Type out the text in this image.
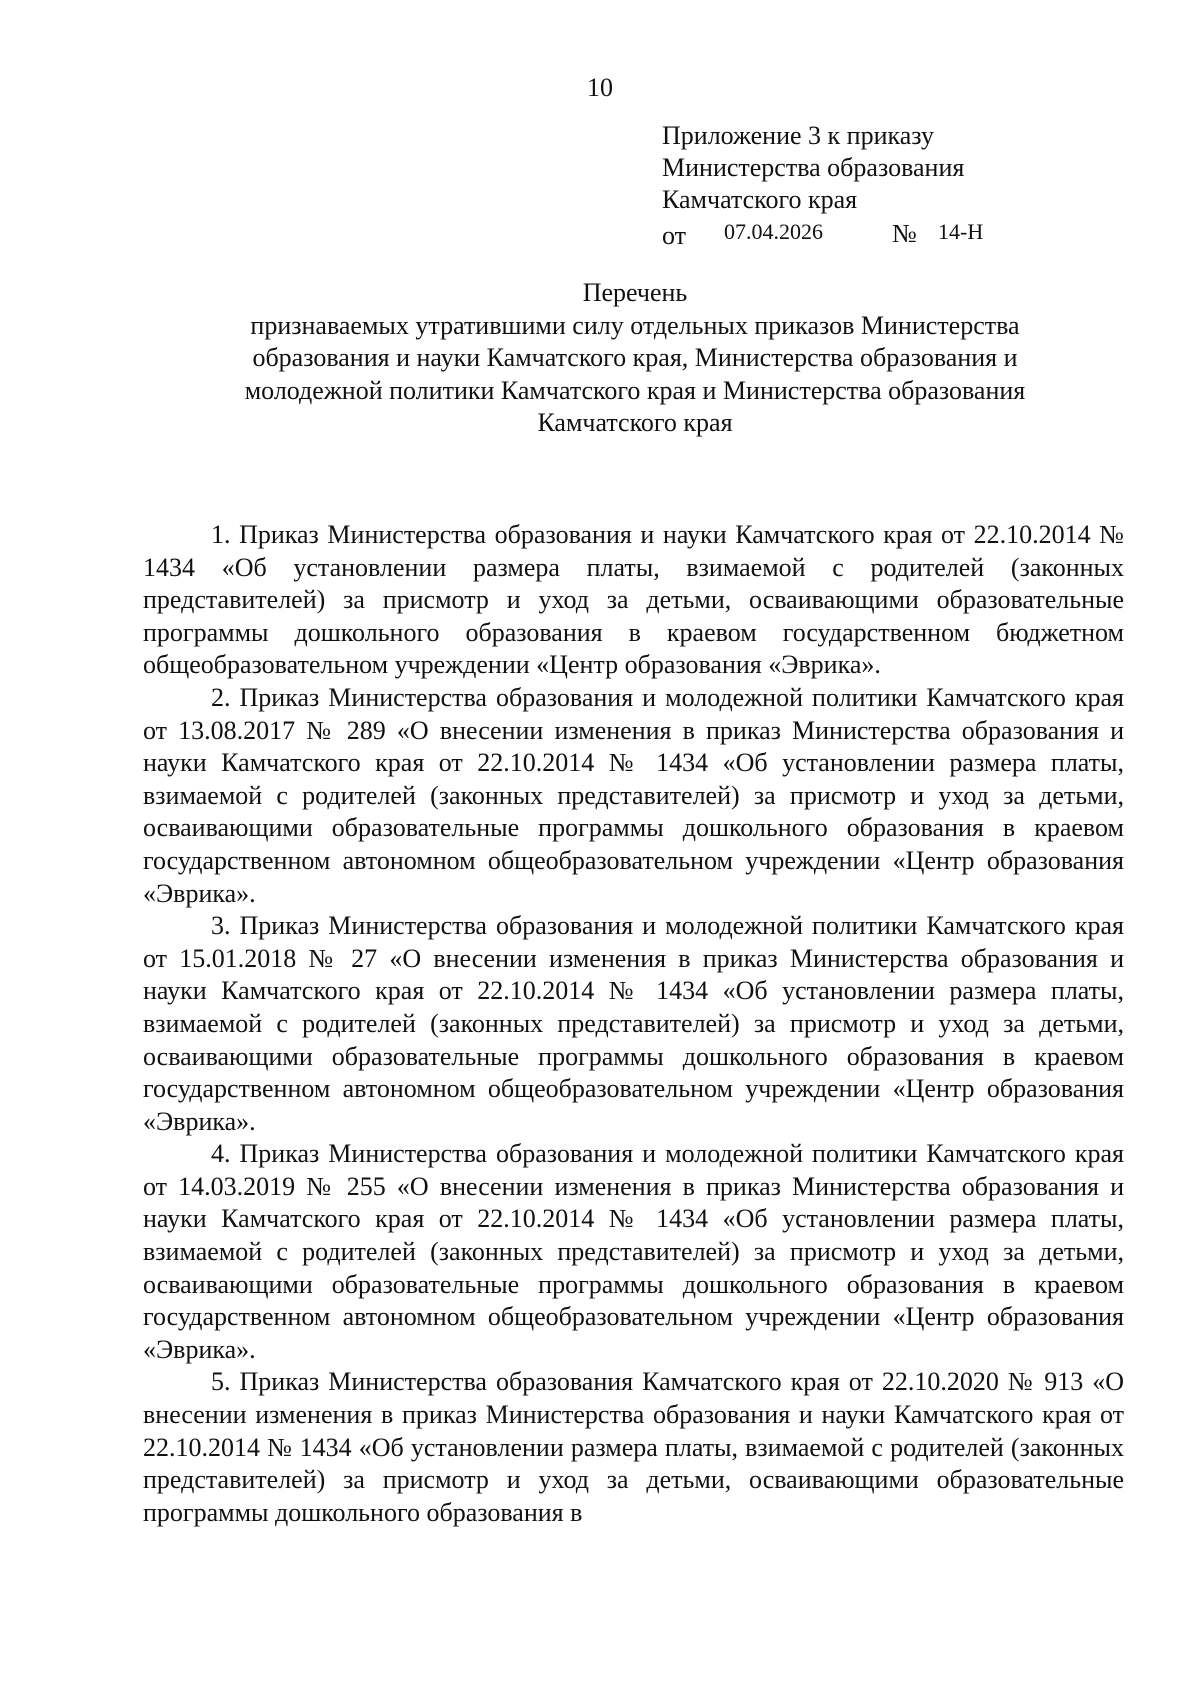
10
Приложение 3 к приказу
Министерства образования
Камчатского края
от 07.04.2026	№ 14-Н
Перечень
признаваемых утратившими силу отдельных приказов Министерства
образования и науки Камчатского края, Министерства образования и
молодежной политики Камчатского края и Министерства образования
Камчатского края

1. Приказ Министерства образования и науки Камчатского края от 22.10.2014 № 1434 «Об установлении размера платы, взимаемой с родителей (законных представителей) за присмотр и уход за детьми, осваивающими образовательные программы дошкольного образования в краевом государственном бюджетном общеобразовательном учреждении «Центр образования «Эврика».

2. Приказ Министерства образования и молодежной политики Камчатского края от 13.08.2017 № 289 «О внесении изменения в приказ Министерства образования и науки Камчатского края от 22.10.2014 № 1434 «Об установлении размера платы, взимаемой с родителей (законных представителей) за присмотр и уход за детьми, осваивающими образовательные программы дошкольного образования в краевом государственном автономном общеобразовательном учреждении «Центр образования «Эврика».

3. Приказ Министерства образования и молодежной политики Камчатского края от 15.01.2018 № 27 «О внесении изменения в приказ Министерства образования и науки Камчатского края от 22.10.2014 № 1434 «Об установлении размера платы, взимаемой с родителей (законных представителей) за присмотр и уход за детьми, осваивающими образовательные программы дошкольного образования в краевом государственном автономном общеобразовательном учреждении «Центр образования «Эврика».

4. Приказ Министерства образования и молодежной политики Камчатского края от 14.03.2019 № 255 «О внесении изменения в приказ Министерства образования и науки Камчатского края от 22.10.2014 № 1434 «Об установлении размера платы, взимаемой с родителей (законных представителей) за присмотр и уход за детьми, осваивающими образовательные программы дошкольного образования в краевом государственном автономном общеобразовательном учреждении «Центр образования «Эврика».

5. Приказ Министерства образования Камчатского края от 22.10.2020 № 913 «О внесении изменения в приказ Министерства образования и науки Камчатского края от 22.10.2014 № 1434 «Об установлении размера платы, взимаемой с родителей (законных представителей) за присмотр и уход за детьми, осваивающими образовательные программы дошкольного образования в
